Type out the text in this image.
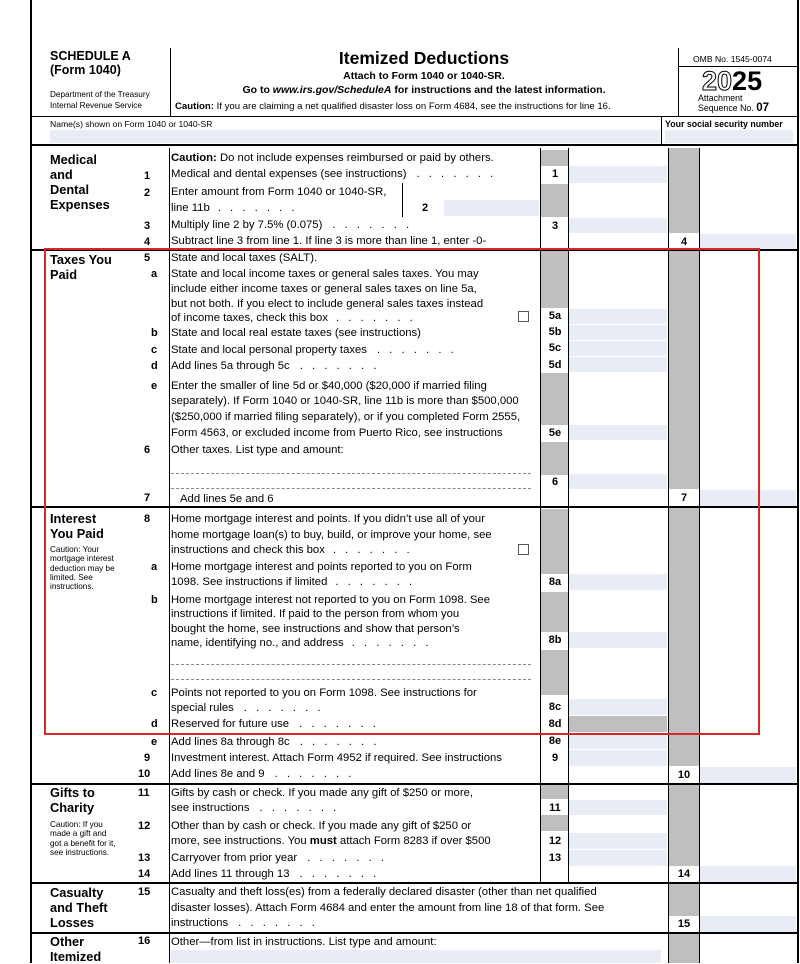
SCHEDULE A
(Form 1040)
Department of the Treasury
Internal Revenue Service
Itemized Deductions
Attach to Form 1040 or 1040-SR.
Go to www.irs.gov/ScheduleA for instructions and the latest information.
Caution: If you are claiming a net qualified disaster loss on Form 4684, see the instructions for line 16.
OMB No. 1545-0074
2025
Attachment
Sequence No. 07
Name(s) shown on Form 1040 or 1040-SR	Your social security number
1
2
3
4
5a
5b
5c
5d
5e
6
7
8a
8b
8c
8d
8e
9
10
11
12
13
14
15
Medical
and
Dental
Expenses
Taxes You
Paid
Interest
You Paid
Caution: Your
mortgage interest
deduction may be
limited. See
instructions.
Gifts to
Charity
Caution: If you
made a gift and
got a benefit for it,
see instructions.
Casualty
and Theft
Losses
Other
Itemized
1
2
3
4
5
a
b
c
d
e
6
7
8
a
b
c
d
e
9
10
11
12
13
14
15
16
Caution: Do not include expenses reimbursed or paid by others.
Medical and dental expenses (see instructions) . . . . . . .
Enter amount from Form 1040 or 1040-SR,
line 11b . . . . . . .
Multiply line 2 by 7.5% (0.075) . . . . . . .
Subtract line 3 from line 1. If line 3 is more than line 1, enter -0-
State and local taxes (SALT).
State and local income taxes or general sales taxes. You may
include either income taxes or general sales taxes on line 5a,
but not both. If you elect to include general sales taxes instead
of income taxes, check this box . . . . . . .
State and local real estate taxes (see instructions)
State and local personal property taxes . . . . . . .
Add lines 5a through 5c . . . . . . .
Enter the smaller of line 5d or $40,000 ($20,000 if married filing
separately). If Form 1040 or 1040-SR, line 11b is more than $500,000
($250,000 if married filing separately), or if you completed Form 2555,
Form 4563, or excluded income from Puerto Rico, see instructions
Other taxes. List type and amount:
Add lines 5e and 6
Home mortgage interest and points. If you didn’t use all of your
home mortgage loan(s) to buy, build, or improve your home, see
instructions and check this box . . . . . . .
Home mortgage interest and points reported to you on Form
1098. See instructions if limited . . . . . . .
Home mortgage interest not reported to you on Form 1098. See
instructions if limited. If paid to the person from whom you
bought the home, see instructions and show that person’s
name, identifying no., and address . . . . . . .
Points not reported to you on Form 1098. See instructions for
special rules . . . . . . .
Reserved for future use . . . . . . .
Add lines 8a through 8c . . . . . . .
Investment interest. Attach Form 4952 if required. See instructions
Add lines 8e and 9 . . . . . . .
Gifts by cash or check. If you made any gift of $250 or more,
see instructions . . . . . . .
Other than by cash or check. If you made any gift of $250 or
more, see instructions. You must attach Form 8283 if over $500
Carryover from prior year . . . . . . .
Add lines 11 through 13 . . . . . . .
Casualty and theft loss(es) from a federally declared disaster (other than net qualified
disaster losses). Attach Form 4684 and enter the amount from line 18 of that form. See
instructions . . . . . . .
Other—from list in instructions. List type and amount:
